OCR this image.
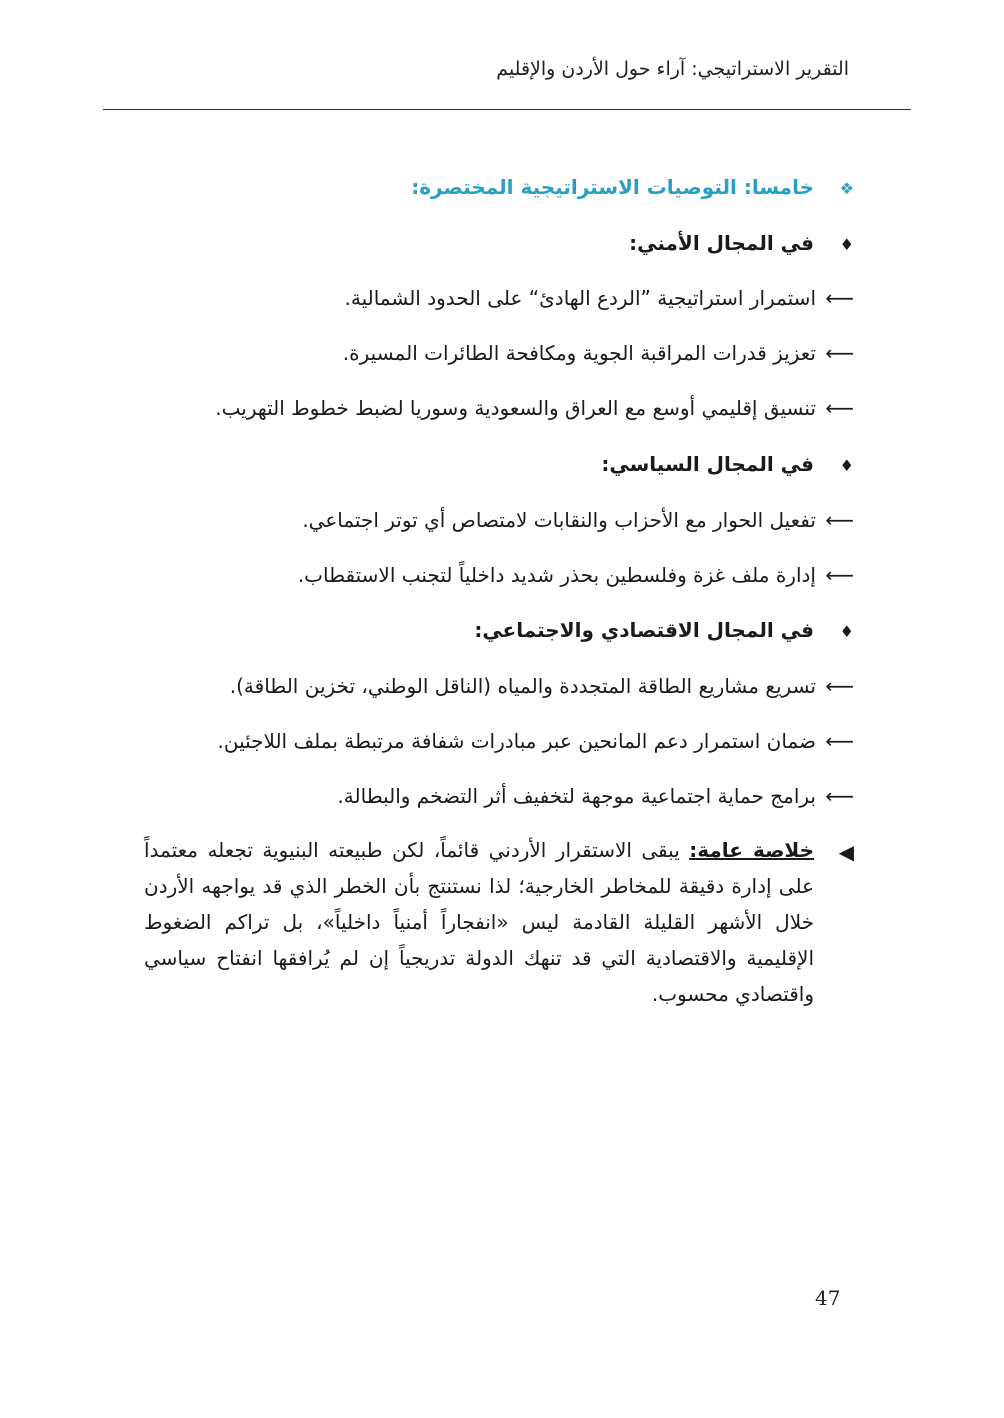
التقرير الاستراتيجي: آراء حول الأردن والإقليم
❖خامسا: التوصيات الاستراتيجية المختصرة:
♦في المجال الأمني:
⟵استمرار استراتيجية ”الردع الهادئ“ على الحدود الشمالية.
⟵تعزيز قدرات المراقبة الجوية ومكافحة الطائرات المسيرة.
⟵تنسيق إقليمي أوسع مع العراق والسعودية وسوريا لضبط خطوط التهريب.
♦في المجال السياسي:
⟵تفعيل الحوار مع الأحزاب والنقابات لامتصاص أي توتر اجتماعي.
⟵إدارة ملف غزة وفلسطين بحذر شديد داخلياً لتجنب الاستقطاب.
♦في المجال الاقتصادي والاجتماعي:
⟵تسريع مشاريع الطاقة المتجددة والمياه (الناقل الوطني، تخزين الطاقة).
⟵ضمان استمرار دعم المانحين عبر مبادرات شفافة مرتبطة بملف اللاجئين.
⟵برامج حماية اجتماعية موجهة لتخفيف أثر التضخم والبطالة.
◀
خلاصة عامة: يبقى الاستقرار الأردني قائماً، لكن طبيعته البنيوية تجعله معتمداً على إدارة دقيقة للمخاطر الخارجية؛ لذا نستنتج بأن الخطر الذي قد يواجهه الأردن خلال الأشهر القليلة القادمة ليس «انفجاراً أمنياً داخلياً»، بل تراكم الضغوط الإقليمية والاقتصادية التي قد تنهك الدولة تدريجياً إن لم يُرافقها انفتاح سياسي واقتصادي محسوب.
47
